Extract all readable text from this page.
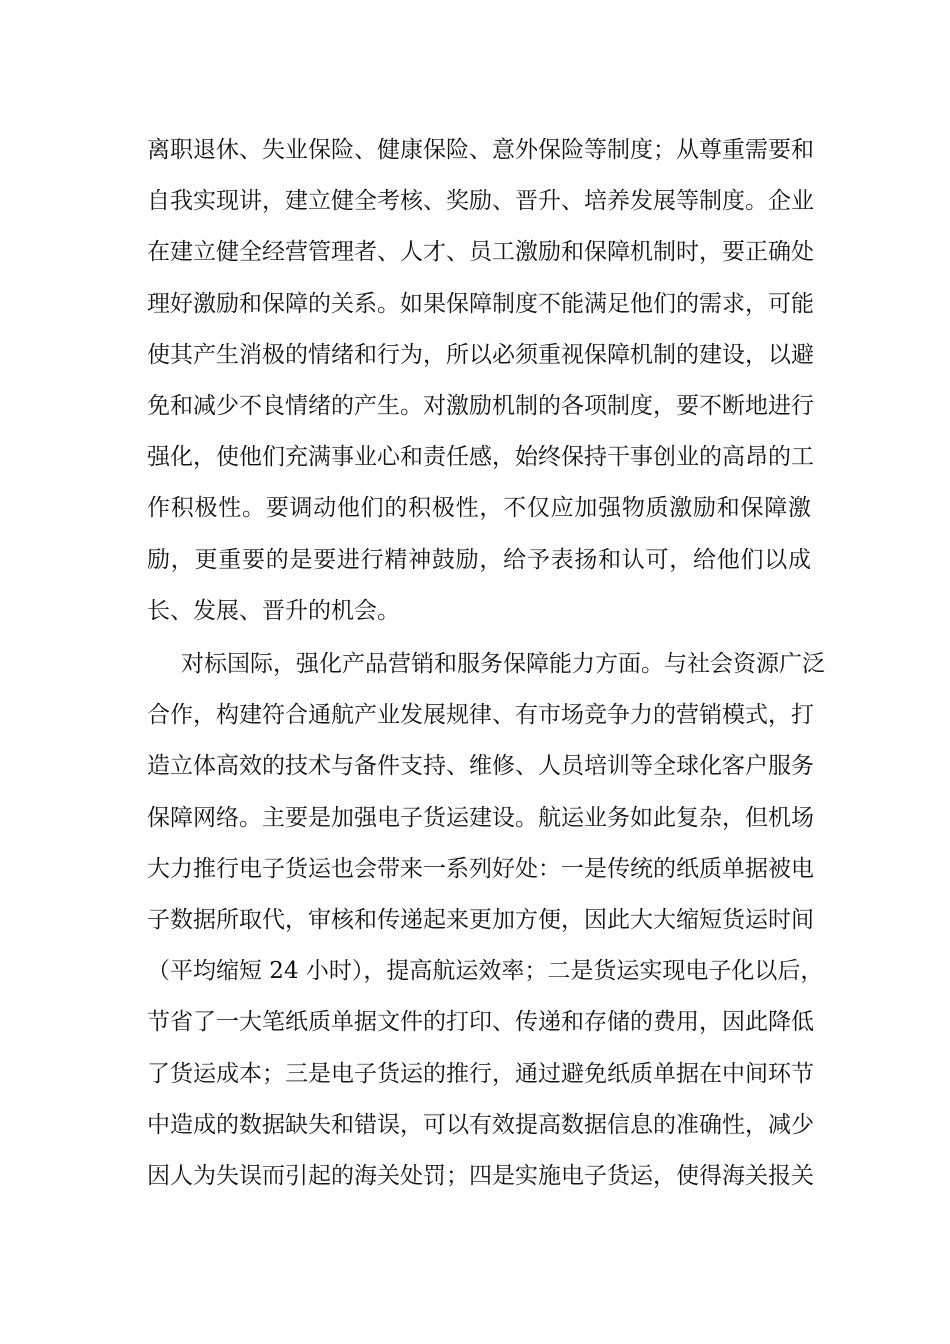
离职退休、失业保险、健康保险、意外保险等制度；从尊重需要和
自我实现讲，建立健全考核、奖励、晋升、培养发展等制度。企业
在建立健全经营管理者、人才、员工激励和保障机制时，要正确处
理好激励和保障的关系。如果保障制度不能满足他们的需求，可能
使其产生消极的情绪和行为，所以必须重视保障机制的建设，以避
免和减少不良情绪的产生。对激励机制的各项制度，要不断地进行
强化，使他们充满事业心和责任感，始终保持干事创业的高昂的工
作积极性。要调动他们的积极性，不仅应加强物质激励和保障激
励，更重要的是要进行精神鼓励，给予表扬和认可，给他们以成
长、发展、晋升的机会。
对标国际，强化产品营销和服务保障能力方面。与社会资源广泛
合作，构建符合通航产业发展规律、有市场竞争力的营销模式，打
造立体高效的技术与备件支持、维修、人员培训等全球化客户服务
保障网络。主要是加强电子货运建设。航运业务如此复杂，但机场
大力推行电子货运也会带来一系列好处：一是传统的纸质单据被电
子数据所取代，审核和传递起来更加方便，因此大大缩短货运时间
（平均缩短 24 小时），提高航运效率；二是货运实现电子化以后，
节省了一大笔纸质单据文件的打印、传递和存储的费用，因此降低
了货运成本；三是电子货运的推行，通过避免纸质单据在中间环节
中造成的数据缺失和错误，可以有效提高数据信息的准确性，减少
因人为失误而引起的海关处罚；四是实施电子货运，使得海关报关
